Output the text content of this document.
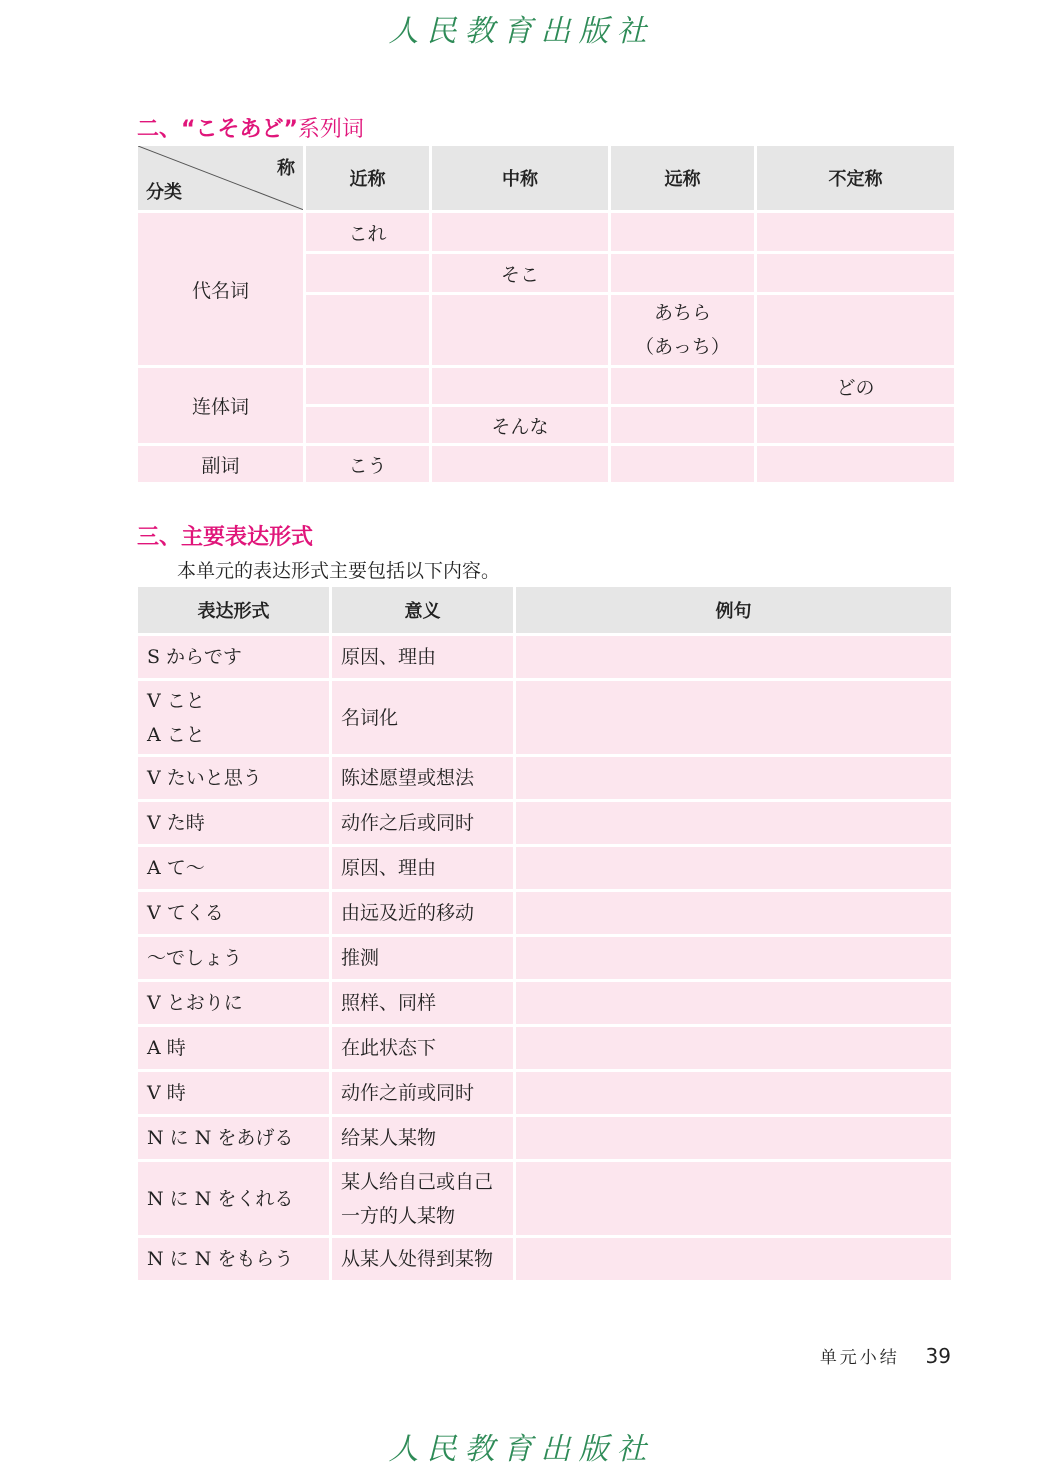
人民教育出版社
二、“こそあど”系列词
称
分类	近称	中称	远称	不定称
代名词	これ			
		そこ		
			あちら
（あっち）	
连体词				どの
		そんな		
副词	こう			
三、主要表达形式
本单元的表达形式主要包括以下内容。
表达形式	意义	例句
S からです	原因、理由	
V こと
A こと	名词化	
V たいと思う	陈述愿望或想法	
V た時	动作之后或同时	
A て～	原因、理由	
V てくる	由远及近的移动	
～でしょう	推测	
V とおりに	照样、同样	
A 時	在此状态下	
V 時	动作之前或同时	
N に N をあげる	给某人某物	
N に N をくれる	某人给自己或自己
一方的人某物	
N に N をもらう	从某人处得到某物	
单元小结 39
人民教育出版社
